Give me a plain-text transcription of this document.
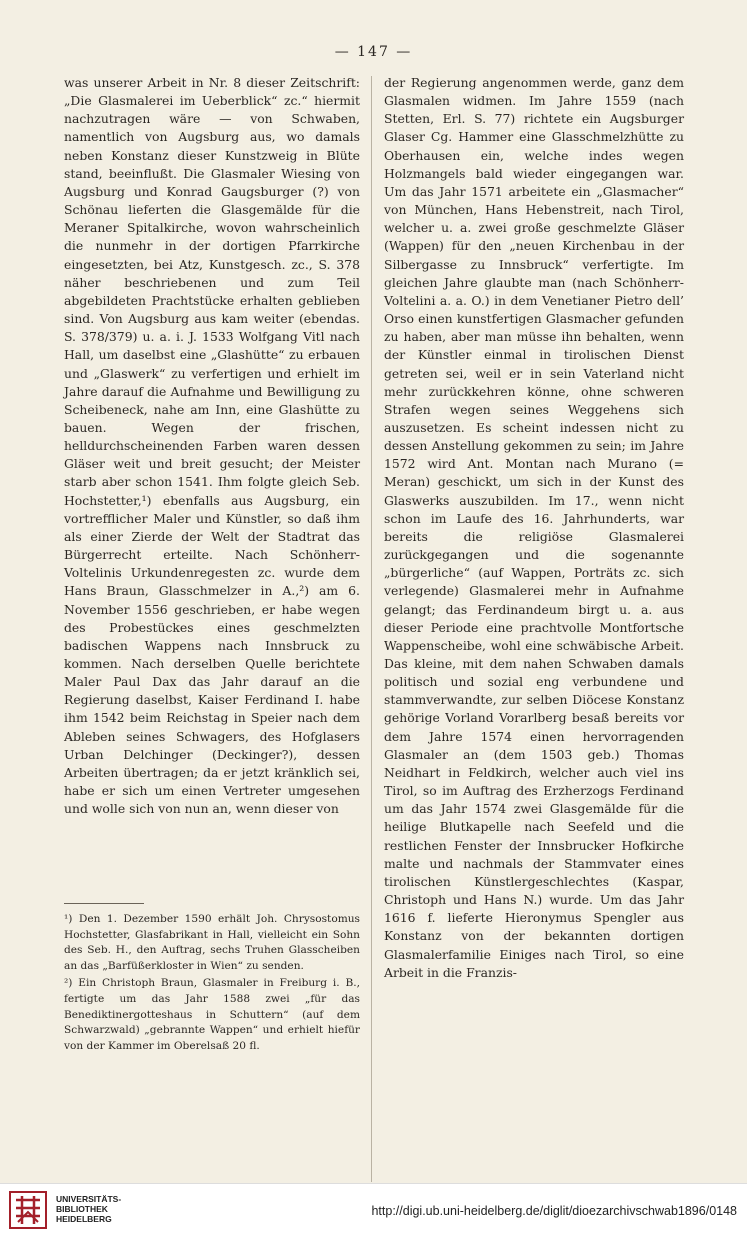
— 147 —

was unserer Arbeit in Nr. 8 dieser Zeitschrift: „Die Glasmalerei im Ueberblick“ zc.“ hiermit nachzutragen wäre — von Schwaben, namentlich von Augsburg aus, wo damals neben Konstanz dieser Kunstzweig in Blüte stand, beeinflußt. Die Glasmaler Wiesing von Augsburg und Konrad Gaugsburger (?) von Schönau lieferten die Glasgemälde für die Meraner Spitalkirche, wovon wahrscheinlich die nunmehr in der dortigen Pfarrkirche eingesetzten, bei Atz, Kunstgesch. zc., S. 378 näher beschriebenen und zum Teil abgebildeten Prachtstücke erhalten geblieben sind. Von Augsburg aus kam weiter (ebendas. S. 378/379) u. a. i. J. 1533 Wolfgang Vitl nach Hall, um daselbst eine „Glashütte“ zu erbauen und „Glaswerk“ zu verfertigen und erhielt im Jahre darauf die Aufnahme und Bewilligung zu Scheibeneck, nahe am Inn, eine Glashütte zu bauen. Wegen der frischen, helldurchscheinenden Farben waren dessen Gläser weit und breit gesucht; der Meister starb aber schon 1541. Ihm folgte gleich Seb. Hochstetter,¹) ebenfalls aus Augsburg, ein vortrefflicher Maler und Künstler, so daß ihm als einer Zierde der Welt der Stadtrat das Bürgerrecht erteilte. Nach Schönherr-Voltelinis Urkundenregesten zc. wurde dem Hans Braun, Glasschmelzer in A.,²) am 6. November 1556 geschrieben, er habe wegen des Probestückes eines geschmelzten badischen Wappens nach Innsbruck zu kommen. Nach derselben Quelle berichtete Maler Paul Dax das Jahr darauf an die Regierung daselbst, Kaiser Ferdinand I. habe ihm 1542 beim Reichstag in Speier nach dem Ableben seines Schwagers, des Hofglasers Urban Delchinger (Deckinger?), dessen Arbeiten übertragen; da er jetzt kränklich sei, habe er sich um einen Vertreter umgesehen und wolle sich von nun an, wenn dieser von

der Regierung angenommen werde, ganz dem Glasmalen widmen. Im Jahre 1559 (nach Stetten, Erl. S. 77) richtete ein Augsburger Glaser Cg. Hammer eine Glasschmelzhütte zu Oberhausen ein, welche indes wegen Holzmangels bald wieder eingegangen war. Um das Jahr 1571 arbeitete ein „Glasmacher“ von München, Hans Hebenstreit, nach Tirol, welcher u. a. zwei große geschmelzte Gläser (Wappen) für den „neuen Kirchenbau in der Silbergasse zu Innsbruck“ verfertigte. Im gleichen Jahre glaubte man (nach Schönherr-Voltelini a. a. O.) in dem Venetianer Pietro dell’ Orso einen kunstfertigen Glasmacher gefunden zu haben, aber man müsse ihn behalten, wenn der Künstler einmal in tirolischen Dienst getreten sei, weil er in sein Vaterland nicht mehr zurückkehren könne, ohne schweren Strafen wegen seines Weggehens sich auszusetzen. Es scheint indessen nicht zu dessen Anstellung gekommen zu sein; im Jahre 1572 wird Ant. Montan nach Murano (= Meran) geschickt, um sich in der Kunst des Glaswerks auszubilden. Im 17., wenn nicht schon im Laufe des 16. Jahrhunderts, war bereits die religiöse Glasmalerei zurückgegangen und die sogenannte „bürgerliche“ (auf Wappen, Porträts zc. sich verlegende) Glasmalerei mehr in Aufnahme gelangt; das Ferdinandeum birgt u. a. aus dieser Periode eine prachtvolle Montfortsche Wappenscheibe, wohl eine schwäbische Arbeit. Das kleine, mit dem nahen Schwaben damals politisch und sozial eng verbundene und stammverwandte, zur selben Diöcese Konstanz gehörige Vorland Vorarlberg besaß bereits vor dem Jahre 1574 einen hervorragenden Glasmaler an (dem 1503 geb.) Thomas Neidhart in Feldkirch, welcher auch viel ins Tirol, so im Auftrag des Erzherzogs Ferdinand um das Jahr 1574 zwei Glasgemälde für die heilige Blutkapelle nach Seefeld und die restlichen Fenster der Innsbrucker Hofkirche malte und nachmals der Stammvater eines tirolischen Künstlergeschlechtes (Kaspar, Christoph und Hans N.) wurde. Um das Jahr 1616 f. lieferte Hieronymus Spengler aus Konstanz von der bekannten dortigen Glasmalerfamilie Einiges nach Tirol, so eine Arbeit in die Franzis-

¹) Den 1. Dezember 1590 erhält Joh. Chrysostomus Hochstetter, Glasfabrikant in Hall, vielleicht ein Sohn des Seb. H., den Auftrag, sechs Truhen Glasscheiben an das „Barfüßerkloster in Wien“ zu senden.

²) Ein Christoph Braun, Glasmaler in Freiburg i. B., fertigte um das Jahr 1588 zwei „für das Benediktinergotteshaus in Schuttern“ (auf dem Schwarzwald) „gebrannte Wappen“ und erhielt hiefür von der Kammer im Oberelsaß 20 fl.

UNIVERSITÄTS-
BIBLIOTHEK
HEIDELBERG
http://digi.ub.uni-heidelberg.de/diglit/dioezarchivschwab1896/0148
